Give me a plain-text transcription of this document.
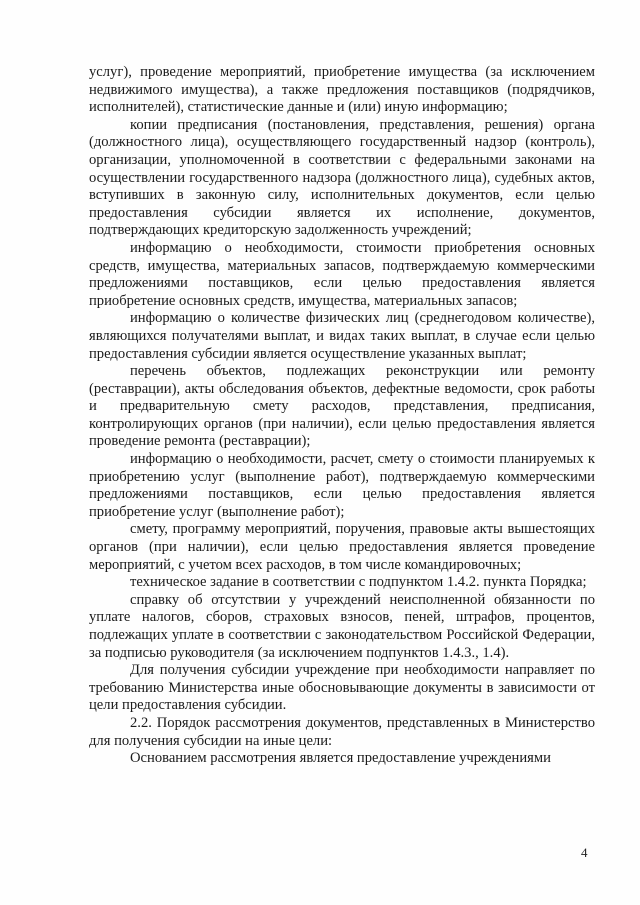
услуг), проведение мероприятий, приобретение имущества (за исключением недвижимого имущества), а также предложения поставщиков (подрядчиков, исполнителей), статистические данные и (или) иную информацию;

копии предписания (постановления, представления, решения) органа (должностного лица), осуществляющего государственный надзор (контроль), организации, уполномоченной в соответствии с федеральными законами на осуществлении государственного надзора (должностного лица), судебных актов, вступивших в законную силу, исполнительных документов, если целью предоставления субсидии является их исполнение, документов, подтверждающих кредиторскую задолженность учреждений;

информацию о необходимости, стоимости приобретения основных средств, имущества, материальных запасов, подтверждаемую коммерческими предложениями поставщиков, если целью предоставления является приобретение основных средств, имущества, материальных запасов;

информацию о количестве физических лиц (среднегодовом количестве), являющихся получателями выплат, и видах таких выплат, в случае если целью предоставления субсидии является осуществление указанных выплат;

перечень объектов, подлежащих реконструкции или ремонту (реставрации), акты обследования объектов, дефектные ведомости, срок работы и предварительную смету расходов, представления, предписания, контролирующих органов (при наличии), если целью предоставления является проведение ремонта (реставрации);

информацию о необходимости, расчет, смету о стоимости планируемых к приобретению услуг (выполнение работ), подтверждаемую коммерческими предложениями поставщиков, если целью предоставления является приобретение услуг (выполнение работ);

смету, программу мероприятий, поручения, правовые акты вышестоящих органов (при наличии), если целью предоставления является проведение мероприятий, с учетом всех расходов, в том числе командировочных;

техническое задание в соответствии с подпунктом 1.4.2. пункта Порядка;

справку об отсутствии у учреждений неисполненной обязанности по уплате налогов, сборов, страховых взносов, пеней, штрафов, процентов, подлежащих уплате в соответствии с законодательством Российской Федерации, за подписью руководителя (за исключением подпунктов 1.4.3., 1.4).

Для получения субсидии учреждение при необходимости направляет по требованию Министерства иные обосновывающие документы в зависимости от цели предоставления субсидии.

2.2. Порядок рассмотрения документов, представленных в Министерство для получения субсидии на иные цели:

Основанием рассмотрения является предоставление учреждениями

4
